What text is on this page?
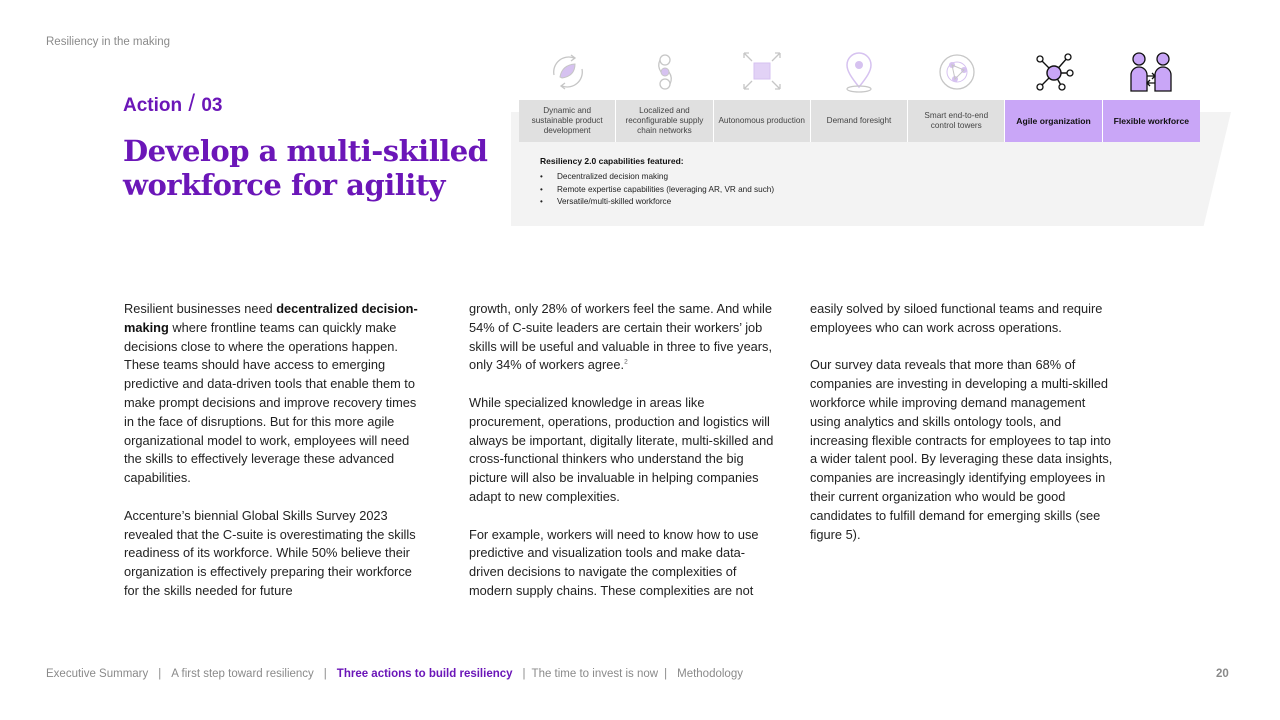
Resiliency in the making
Action / 03
Develop a multi-skilled workforce for agility
Dynamic and sustainable product development
Localized and reconfigurable supply chain networks
Autonomous production	Demand foresight
Smart end-to-end control towers	Agile organization	Flexible workforce
Resiliency 2.0 capabilities featured:
• Decentralized decision making
• Remote expertise capabilities (leveraging AR, VR and such)
• Versatile/multi-skilled workforce

Resilient businesses need decentralized decision-making where frontline teams can quickly make decisions close to where the operations happen. These teams should have access to emerging predictive and data-driven tools that enable them to make prompt decisions and improve recovery times in the face of disruptions. But for this more agile organizational model to work, employees will need the skills to effectively leverage these advanced capabilities.

Accenture’s biennial Global Skills Survey 2023 revealed that the C-suite is overestimating the skills readiness of its workforce. While 50% believe their organization is effectively preparing their workforce for the skills needed for future

growth, only 28% of workers feel the same. And while 54% of C-suite leaders are certain their workers’ job skills will be useful and valuable in three to five years, only 34% of workers agree.$^2$

While specialized knowledge in areas like procurement, operations, production and logistics will always be important, digitally literate, multi-skilled and cross-functional thinkers who understand the big picture will also be invaluable in helping companies adapt to new complexities.

For example, workers will need to know how to use predictive and visualization tools and make data-driven decisions to navigate the complexities of modern supply chains. These complexities are not

easily solved by siloed functional teams and require employees who can work across operations.

Our survey data reveals that more than 68% of companies are investing in developing a multi-skilled workforce while improving demand management using analytics and skills ontology tools, and increasing flexible contracts for employees to tap into a wider talent pool. By leveraging these data insights, companies are increasingly identifying employees in their current organization who would be good candidates to fulfill demand for emerging skills (see figure 5).

Executive Summary | A first step toward resiliency | Three actions to build resiliency | The time to invest is now | Methodology	20
